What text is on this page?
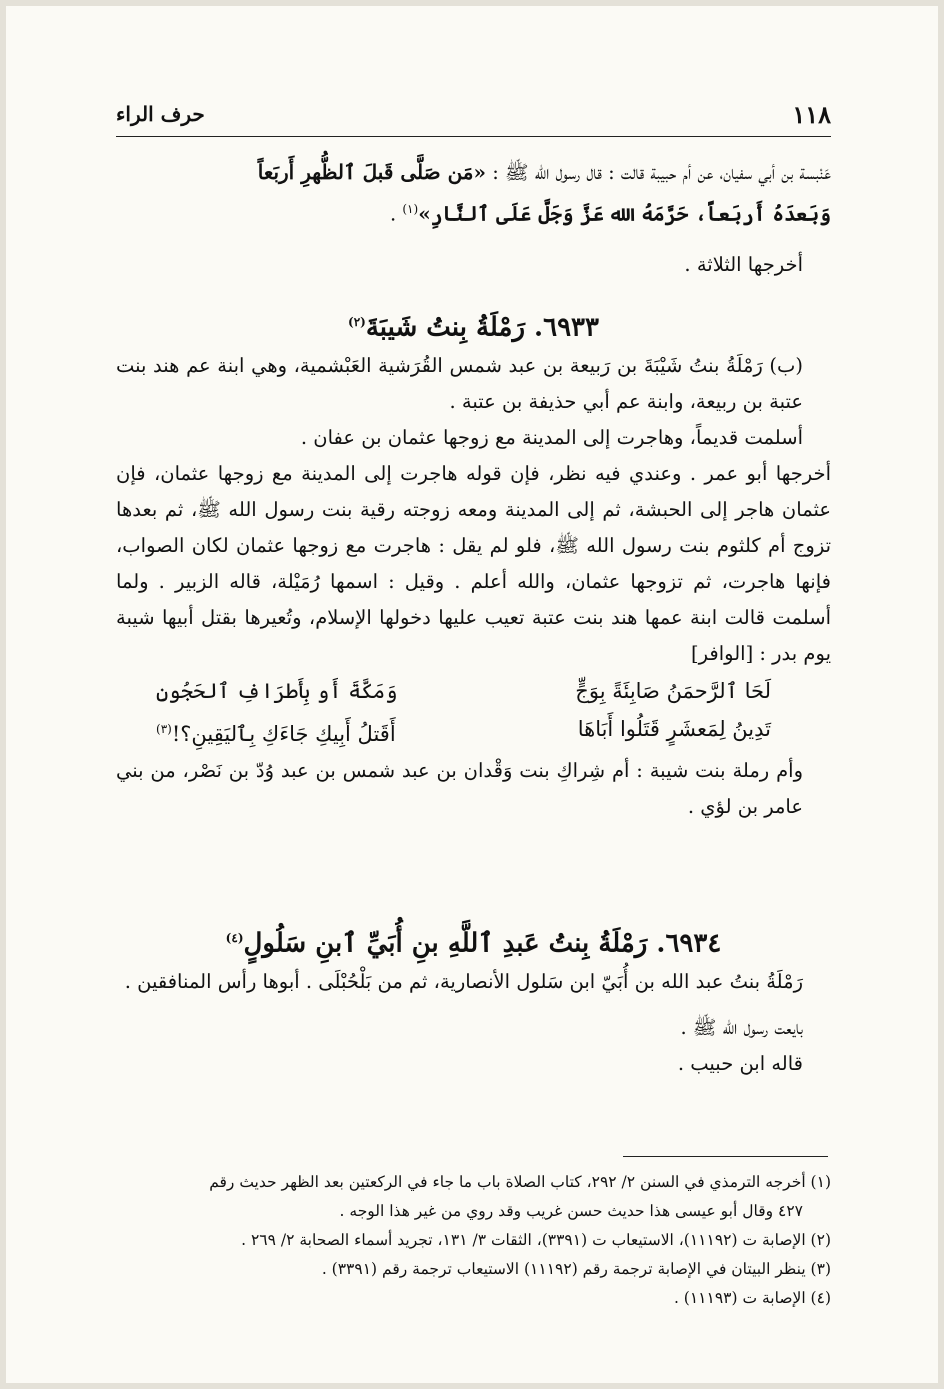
١١٨
حرف الراء

عَنْبسة بن أبي سفيان، عن أم حبيبة قالت : قال رسول الله ﷺ : «مَن صَلَّى قَبلَ ٱلظُّهرِ أَربَعاً

وَبَعدَهُ أَربَعاً، حَرَّمَهُ الله عَزَّ وَجَلَّ عَلَى ٱلنَّارِ»$^{(١)}$ .

أخرجها الثلاثة .

٦٩٣٣. رَمْلَةُ بِنتُ شَيبَةَ$^{(٢)}$

(ب) رَمْلَةُ بنتُ شَيْبَةَ بن رَبيعة بن عبد شمس القُرَشية العَبْشمية، وهي ابنة عم هند بنت عتبة بن ربيعة، وابنة عم أبي حذيفة بن عتبة .

أسلمت قديماً، وهاجرت إلى المدينة مع زوجها عثمان بن عفان .

أخرجها أبو عمر . وعندي فيه نظر، فإن قوله هاجرت إلى المدينة مع زوجها عثمان، فإن عثمان هاجر إلى الحبشة، ثم إلى المدينة ومعه زوجته رقية بنت رسول الله ﷺ، ثم بعدها تزوج أم كلثوم بنت رسول الله ﷺ، فلو لم يقل : هاجرت مع زوجها عثمان لكان الصواب، فإنها هاجرت، ثم تزوجها عثمان، والله أعلم . وقيل : اسمها رُمَيْلة، قاله الزبير . ولما أسلمت قالت ابنة عمها هند بنت عتبة تعيب عليها دخولها الإسلام، وتُعيرها بقتل أبيها شيبة يوم بدر : [الوافر]

لَحَا ٱلرَّحمَنُ صَابِئَةً بِوَجٍّ
وَمَكَّةَ أَو بِأَطرَافِ ٱلحَجُونِ
تَدِينُ لِمَعشَرٍ قَتَلُوا أَبَاهَا
أَقَتلُ أَبِيكِ جَاءَكِ بِٱليَقِينِ؟!$^{(٣)}$

وأم رملة بنت شيبة : أم شِراكِ بنت وَقْدان بن عبد شمس بن عبد وُدّ بن نَصْر، من بني عامر بن لؤي .

٦٩٣٤. رَمْلَةُ بِنتُ عَبدِ ٱللَّهِ بنِ أُبَيِّ ٱبنِ سَلُولٍ$^{(٤)}$

رَمْلَةُ بنتُ عبد الله بن أُبَيّ ابن سَلول الأنصارية، ثم من بَلْحُبْلَى . أبوها رأس المنافقين .

بايعت رسول الله ﷺ .

قاله ابن حبيب .

(١) أخرجه الترمذي في السنن ٢/ ٢٩٢، كتاب الصلاة باب ما جاء في الركعتين بعد الظهر حديث رقم

٤٢٧ وقال أبو عيسى هذا حديث حسن غريب وقد روي من غير هذا الوجه .

(٢) الإصابة ت (١١١٩٢)، الاستيعاب ت (٣٣٩١)، الثقات ٣/ ١٣١، تجريد أسماء الصحابة ٢/ ٢٦٩ .

(٣) ينظر البيتان في الإصابة ترجمة رقم (١١١٩٢) الاستيعاب ترجمة رقم (٣٣٩١) .

(٤) الإصابة ت (١١١٩٣) .
